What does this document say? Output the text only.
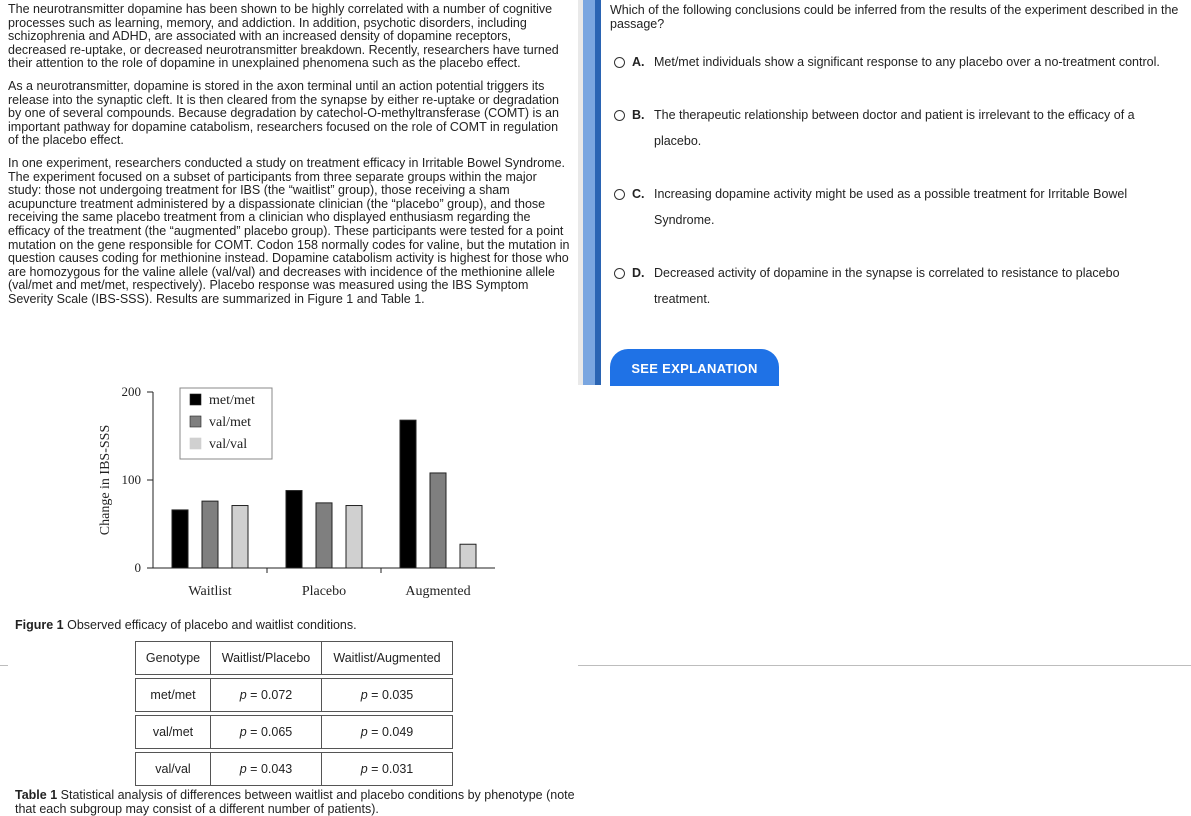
The neurotransmitter dopamine has been shown to be highly correlated with a number of cognitive processes such as learning, memory, and addiction. In addition, psychotic disorders, including schizophrenia and ADHD, are associated with an increased density of dopamine receptors, decreased re-uptake, or decreased neurotransmitter breakdown. Recently, researchers have turned their attention to the role of dopamine in unexplained phenomena such as the placebo effect.

As a neurotransmitter, dopamine is stored in the axon terminal until an action potential triggers its release into the synaptic cleft. It is then cleared from the synapse by either re-uptake or degradation by one of several compounds. Because degradation by catechol-O-methyltransferase (COMT) is an important pathway for dopamine catabolism, researchers focused on the role of COMT in regulation of the placebo effect.

In one experiment, researchers conducted a study on treatment efficacy in Irritable Bowel Syndrome. The experiment focused on a subset of participants from three separate groups within the major study: those not undergoing treatment for IBS (the “waitlist” group), those receiving a sham acupuncture treatment administered by a dispassionate clinician (the “placebo” group), and those receiving the same placebo treatment from a clinician who displayed enthusiasm regarding the efficacy of the treatment (the “augmented” placebo group). These participants were tested for a point mutation on the gene responsible for COMT. Codon 158 normally codes for valine, but the mutation in question causes coding for methionine instead. Dopamine catabolism activity is highest for those who are homozygous for the valine allele (val/val) and decreases with incidence of the methionine allele (val/met and met/met, respectively). Placebo response was measured using the IBS Symptom Severity Scale (IBS-SSS). Results are summarized in Figure 1 and Table 1.

0
100
200
Change in IBS-SSS
Waitlist	Placebo	Augmented
met/met
val/met
val/val
Figure 1 Observed efficacy of placebo and waitlist conditions.
Genotype	Waitlist/Placebo	Waitlist/Augmented

met/met	p = 0.072	p = 0.035

val/met	p = 0.065	p = 0.049

val/val	p = 0.043	p = 0.031
Table 1 Statistical analysis of differences between waitlist and placebo conditions by phenotype (note that each subgroup may consist of a different number of patients).
Which of the following conclusions could be inferred from the results of the experiment described in the passage?
A. Met/met individuals show a significant response to any placebo over a no-treatment control.
B. The therapeutic relationship between doctor and patient is irrelevant to the efficacy of a placebo.
C. Increasing dopamine activity might be used as a possible treatment for Irritable Bowel Syndrome.
D. Decreased activity of dopamine in the synapse is correlated to resistance to placebo treatment.
SEE EXPLANATION
